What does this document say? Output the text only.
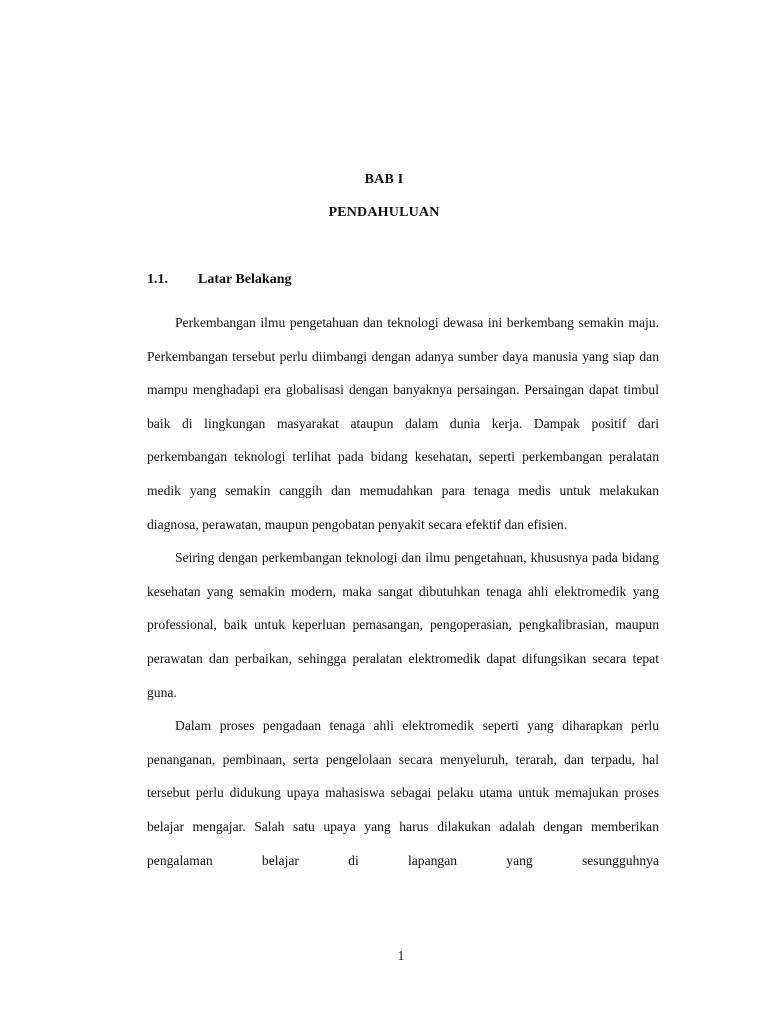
BAB I
PENDAHULUAN
1.1. Latar Belakang

Perkembangan ilmu pengetahuan dan teknologi dewasa ini berkembang semakin maju. Perkembangan tersebut perlu diimbangi dengan adanya sumber daya manusia yang siap dan mampu menghadapi era globalisasi dengan banyaknya persaingan. Persaingan dapat timbul baik di lingkungan masyarakat ataupun dalam dunia kerja. Dampak positif dari perkembangan teknologi terlihat pada bidang kesehatan, seperti perkembangan peralatan medik yang semakin canggih dan memudahkan para tenaga medis untuk melakukan diagnosa, perawatan, maupun pengobatan penyakit secara efektif dan efisien.

Seiring dengan perkembangan teknologi dan ilmu pengetahuan, khususnya pada bidang kesehatan yang semakin modern, maka sangat dibutuhkan tenaga ahli elektromedik yang professional, baik untuk keperluan pemasangan, pengoperasian, pengkalibrasian, maupun perawatan dan perbaikan, sehingga peralatan elektromedik dapat difungsikan secara tepat guna.

Dalam proses pengadaan tenaga ahli elektromedik seperti yang diharapkan perlu penanganan, pembinaan, serta pengelolaan secara menyeluruh, terarah, dan terpadu, hal tersebut perlu didukung upaya mahasiswa sebagai pelaku utama untuk memajukan proses belajar mengajar. Salah satu upaya yang harus dilakukan adalah dengan memberikan pengalaman belajar di lapangan yang sesungguhnya

1
